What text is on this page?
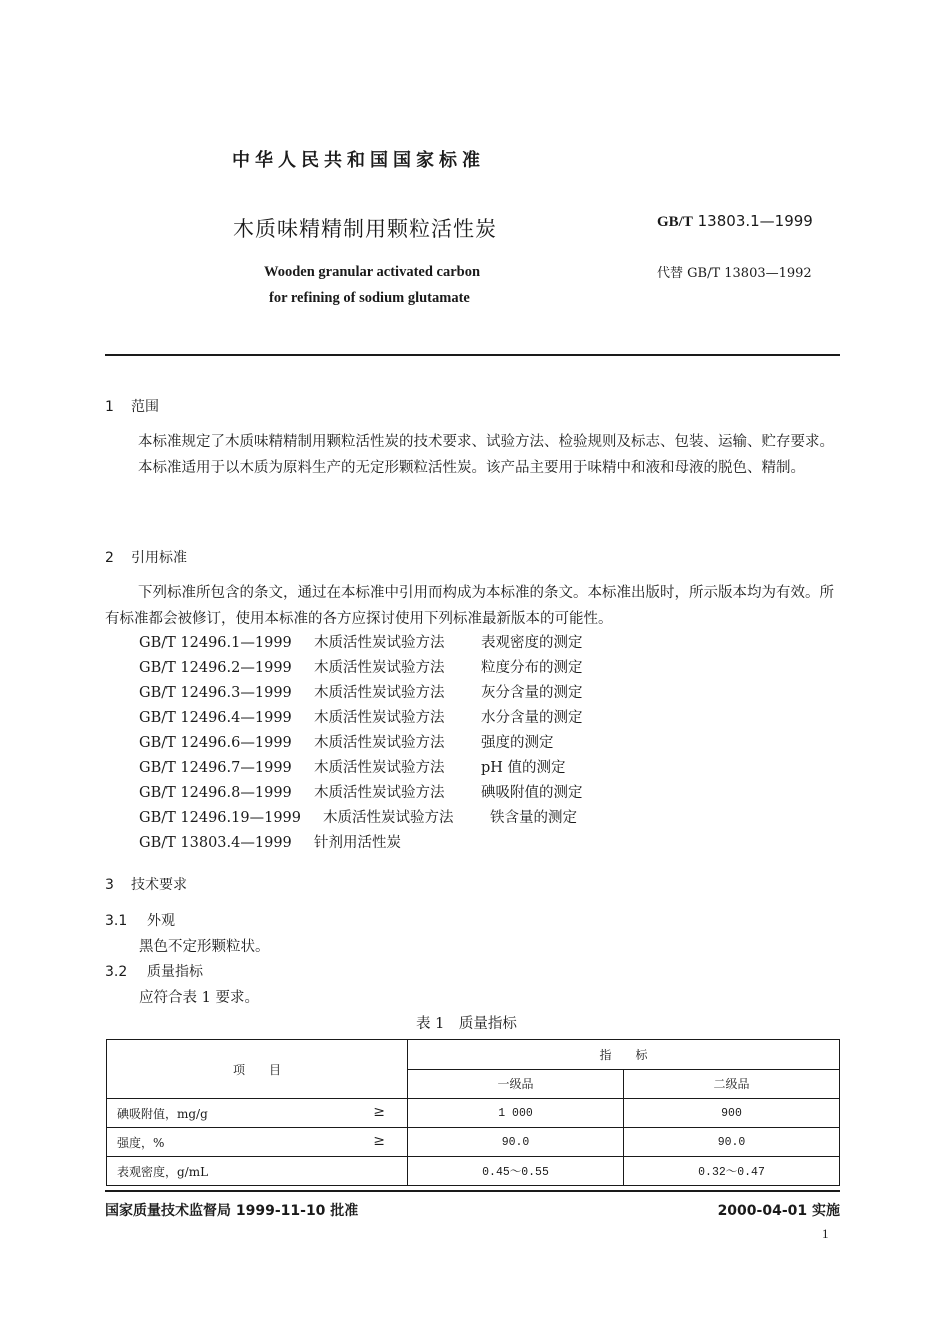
中华人民共和国国家标准
木质味精精制用颗粒活性炭	GB/T 13803.1—1999
Wooden granular activated carbon
for refining of sodium glutamate
代替 GB/T 13803—1992
1 范围

本标准规定了木质味精精制用颗粒活性炭的技术要求、试验方法、检验规则及标志、包装、运输、贮存要求。

本标准适用于以木质为原料生产的无定形颗粒活性炭。该产品主要用于味精中和液和母液的脱色、精制。

2 引用标准

下列标准所包含的条文，通过在本标准中引用而构成为本标准的条文。本标准出版时，所示版本均为有效。所有标准都会被修订，使用本标准的各方应探讨使用下列标准最新版本的可能性。

GB/T 12496.1—1999 木质活性炭试验方法	表观密度的测定
GB/T 12496.2—1999 木质活性炭试验方法	粒度分布的测定
GB/T 12496.3—1999 木质活性炭试验方法	灰分含量的测定
GB/T 12496.4—1999 木质活性炭试验方法	水分含量的测定
GB/T 12496.6—1999 木质活性炭试验方法	强度的测定
GB/T 12496.7—1999 木质活性炭试验方法	pH 值的测定
GB/T 12496.8—1999 木质活性炭试验方法	碘吸附值的测定
GB/T 12496.19—1999 木质活性炭试验方法	铁含量的测定
GB/T 13803.4—1999 针剂用活性炭
3 技术要求
3.1 外观
黑色不定形颗粒状。
3.2 质量指标
应符合表 1 要求。
表 1　质量指标
项　　目	指　　标	
	一级品	二级品
碘吸附值，mg/g ≥	1 000	900
强度，% ≥	90.0	90.0
表观密度，g/mL	0.45～0.55	0.32～0.47
国家质量技术监督局 1999-11-10 批准	2000-04-01 实施
1
